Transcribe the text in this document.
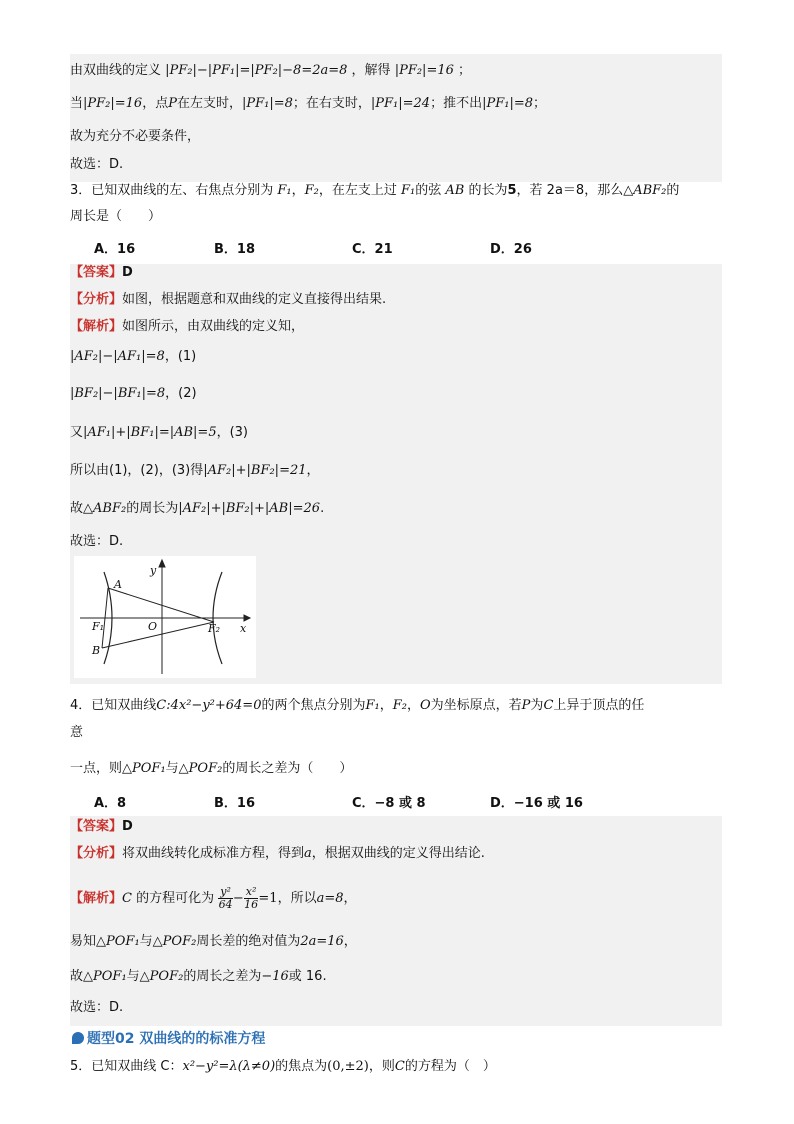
由双曲线的定义 |PF₂|−|PF₁|=|PF₂|−8=2a=8 ，解得 |PF₂|=16 ；
当|PF₂|=16，点P在左支时，|PF₁|=8；在右支时，|PF₁|=24；推不出|PF₁|=8；
故为充分不必要条件，
故选：D.
3．已知双曲线的左、右焦点分别为 F₁，F₂，在左支上过 F₁的弦 AB 的长为5，若 2a＝8，那么△ABF₂的
周长是（　　）
A．16	B．18	C．21	D．26
【答案】D
【分析】如图，根据题意和双曲线的定义直接得出结果.
【解析】如图所示，由双曲线的定义知，
|AF₂|−|AF₁|=8，(1)
|BF₂|−|BF₁|=8，(2)
又|AF₁|+|BF₁|=|AB|=5，(3)
所以由(1)，(2)，(3)得|AF₂|+|BF₂|=21，
故△ABF₂的周长为|AF₂|+|BF₂|+|AB|=26.
故选：D.
A
B
F₁	O	F₂ x
y
4．已知双曲线C:4x²−y²+64=0的两个焦点分别为F₁，F₂，O为坐标原点，若P为C上异于顶点的任
意
一点，则△POF₁与△POF₂的周长之差为（　　）
A．8	B．16	C．−8 或 8	D．−16 或 16
【答案】D
【分析】将双曲线转化成标准方程，得到a，根据双曲线的定义得出结论.
【解析】C 的方程可化为 $\frac{\text{y²}}{64} - \frac{\text{x²}}{16} =1$，所以a=8，
易知△POF₁与△POF₂周长差的绝对值为2a=16，
故△POF₁与△POF₂的周长之差为−16或 16.
故选：D.
题型02 双曲线的的标准方程
5．已知双曲线 C：x²−y²=λ(λ≠0)的焦点为(0,±2)，则C的方程为（　）
